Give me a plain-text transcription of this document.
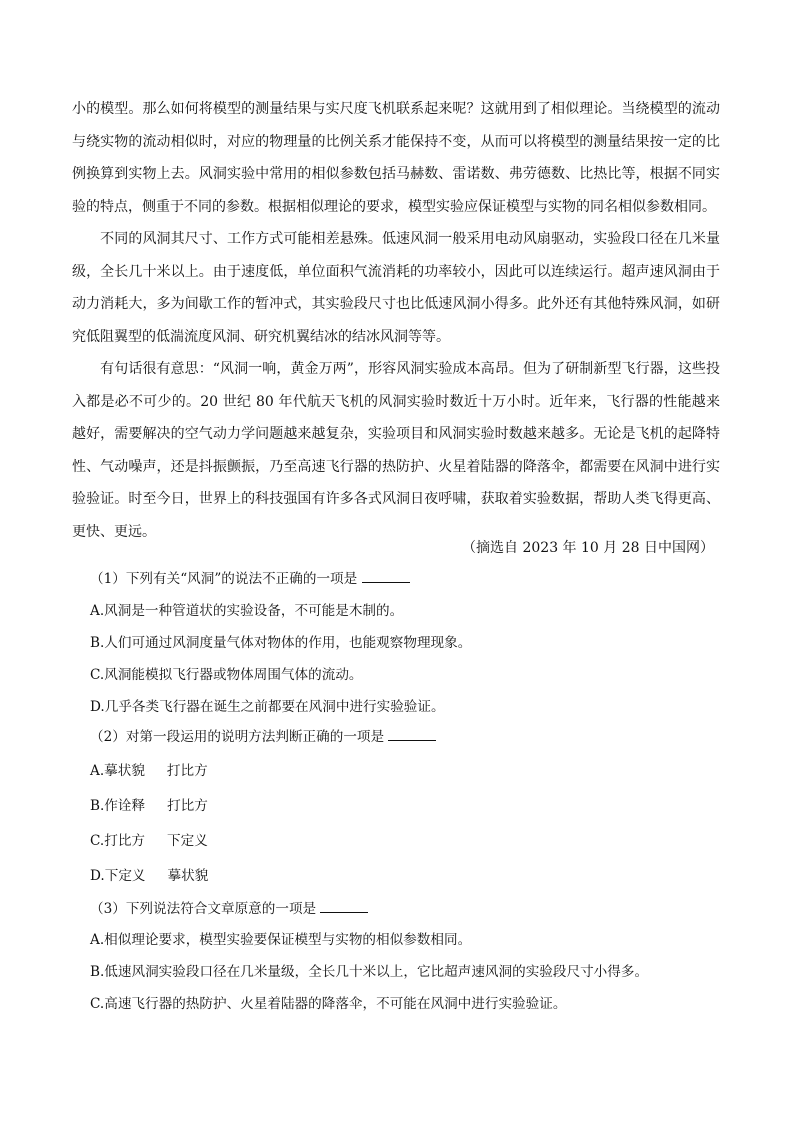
小的模型。那么如何将模型的测量结果与实尺度飞机联系起来呢？这就用到了相似理论。当绕模型的流动与绕实物的流动相似时，对应的物理量的比例关系才能保持不变，从而可以将模型的测量结果按一定的比例换算到实物上去。风洞实验中常用的相似参数包括马赫数、雷诺数、弗劳德数、比热比等，根据不同实验的特点，侧重于不同的参数。根据相似理论的要求，模型实验应保证模型与实物的同名相似参数相同。

　　不同的风洞其尺寸、工作方式可能相差悬殊。低速风洞一般采用电动风扇驱动，实验段口径在几米量级，全长几十米以上。由于速度低，单位面积气流消耗的功率较小，因此可以连续运行。超声速风洞由于动力消耗大，多为间歇工作的暂冲式，其实验段尺寸也比低速风洞小得多。此外还有其他特殊风洞，如研究低阻翼型的低湍流度风洞、研究机翼结冰的结冰风洞等等。

　　有句话很有意思：“风洞一响，黄金万两”，形容风洞实验成本高昂。但为了研制新型飞行器，这些投入都是必不可少的。20 世纪 80 年代航天飞机的风洞实验时数近十万小时。近年来，飞行器的性能越来越好，需要解决的空气动力学问题越来越复杂，实验项目和风洞实验时数越来越多。无论是飞机的起降特性、气动噪声，还是抖振颤振，乃至高速飞行器的热防护、火星着陆器的降落伞，都需要在风洞中进行实验验证。时至今日，世界上的科技强国有许多各式风洞日夜呼啸，获取着实验数据，帮助人类飞得更高、更快、更远。

（摘选自 2023 年 10 月 28 日中国网）
（1）下列有关“风洞”的说法不正确的一项是
A.风洞是一种管道状的实验设备，不可能是木制的。
B.人们可通过风洞度量气体对物体的作用，也能观察物理现象。
C.风洞能模拟飞行器或物体周围气体的流动。
D.几乎各类飞行器在诞生之前都要在风洞中进行实验验证。
（2）对第一段运用的说明方法判断正确的一项是
A.摹状貌 打比方
B.作诠释 打比方
C.打比方 下定义
D.下定义 摹状貌
（3）下列说法符合文章原意的一项是
A.相似理论要求，模型实验要保证模型与实物的相似参数相同。
B.低速风洞实验段口径在几米量级，全长几十米以上，它比超声速风洞的实验段尺寸小得多。
C.高速飞行器的热防护、火星着陆器的降落伞，不可能在风洞中进行实验验证。
